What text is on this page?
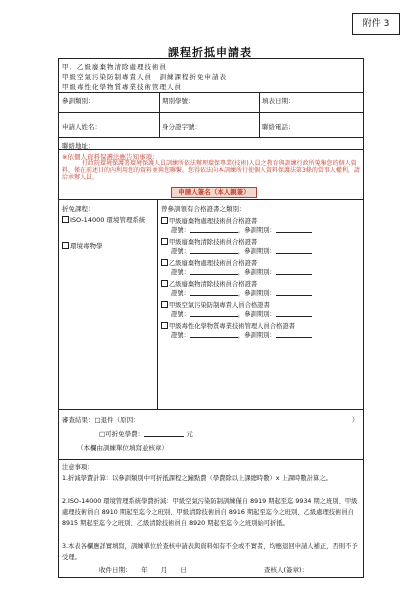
附件 3
課程折抵申請表
甲．乙級廢棄物清除處理技術員
甲級空氣污染防制專責人員　訓練課程折免申請表
甲級毒性化學物質專業技術管理人員
參訓類別：	期別學號：	填表日期：
申請人姓名：	身分證字號：	聯絡電話：
聯絡地址：
※依個人資料保護法應告知事項：
行政院環境保護署環境保護人員訓練所依法辦理環保專業(技術)人員之教育與訓練行政所蒐集您的個人資料，僅在前述目的內利用您的資料並與您聯繫。您得依法向本訓練所行使個人資料保護法第3條的當事人權利，請洽承辦人員。
申請人簽名（本人親簽）
折免課程：
ISO-14000 環境管理系統
環境毒物學
曾參訓領有合格證書之類別：
甲級廢棄物處理技術員合格證書
證號：	，參訓期別：
甲級廢棄物清除技術員合格證書
證號：	，參訓期別：
乙級廢棄物處理技術員合格證書
證號：	，參訓期別：
乙級廢棄物清除技術員合格證書
證號：	，參訓期別：
甲級空氣污染防制專責人員合格證書
證號：	，參訓期別：
甲級毒性化學物質專業技術管理人員合格證書
證號：	，參訓期別：
審查結果：□退件（原因：	）
□可折免學費：	元
（本欄由訓練單位填寫並核章）
注意事項：
1.折減學費計算：以參訓類別中可折抵課程之鐘點費（學費除以上課總時數）x 上課時數計算之。
2.ISO-14000 環境管理系統學費折減：甲級空氣污染防制訓練僅自 8919 期起至迄 9934 期之班別、甲級處理技術員自 8910 期起至迄今之班別、甲級清除技術員自 8916 期起至迄今之班別、乙級處理技術員自 8915 期起至迄今之班別、乙級清除技術員自 8920 期起至迄今之班別始可折抵。
3.本表各欄應詳實填寫，訓練單位於查核申請表與資料如有不全或不實者，均應退回申請人補正，否則不予受理。
收件日期：　　年　　月　　日	查核人(簽章)：
